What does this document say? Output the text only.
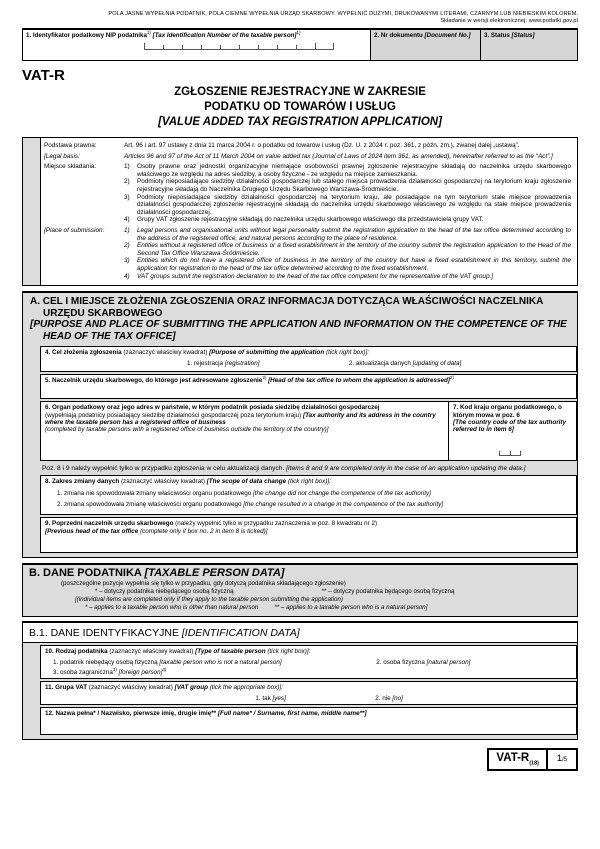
POLA JASNE WYPEŁNIA PODATNIK, POLA CIEMNE WYPEŁNIA URZĄD SKARBOWY. WYPEŁNIĆ DUŻYMI, DRUKOWANYMI LITERAMI, CZARNYM LUB NIEBIESKIM KOLOREM.
Składanie w wersji elektronicznej: www.podatki.gov.pl
1. Identyfikator podatkowy NIP podatnika$^{1)}$ [Tax Identification Number of the taxable person]$^{1)}$	2. Nr dokumentu [Document No.]	3. Status [Status]
VAT-R
ZGŁOSZENIE REJESTRACYJNE W ZAKRESIE
PODATKU OD TOWARÓW I USŁUG
[VALUE ADDED TAX REGISTRATION APPLICATION]
Podstawa prawna:	Art. 96 i art. 97 ustawy z dnia 11 marca 2004 r. o podatku od towarów i usług (Dz. U. z 2024 r. poz. 361, z późn. zm.), zwanej dalej „ustawą”.
[Legal basis:	Articles 96 and 97 of the Act of 11 March 2004 on value added tax (Journal of Laws of 2024 item 361, as amended), hereinafter referred to as the “Act”.]
Miejsce składania:	1)	Osoby prawne oraz jednostki organizacyjne niemające osobowości prawnej zgłoszenie rejestracyjne składają do naczelnika urzędu skarbowego właściwego ze względu na adres siedziby, a osoby fizyczne - ze względu na miejsce zamieszkania.
2)	Podmioty nieposiadające siedziby działalności gospodarczej lub stałego miejsca prowadzenia działalności gospodarczej na terytorium kraju zgłoszenie rejestracyjne składają do Naczelnika Drugiego Urzędu Skarbowego Warszawa-Śródmieście.
3)	Podmioty nieposiadające siedziby działalności gospodarczej na terytorium kraju, ale posiadające na tym terytorium stałe miejsce prowadzenia działalności gospodarczej zgłoszenie rejestracyjne składają do naczelnika urzędu skarbowego właściwego ze względu na stałe miejsce prowadzenia działalności gospodarczej.
4)	Grupy VAT zgłoszenie rejestracyjne składają do naczelnika urzędu skarbowego właściwego dla przedstawiciela grupy VAT.
[Place of submission:	1)	Legal persons and organisational units without legal personality submit the registration application to the head of the tax office determined according to the address of the registered office, and natural persons according to the place of residence.
2)	Entities without a registered office of business or a fixed establishment in the territory of the country submit the registration application to the Head of the Second Tax Office Warszawa-Śródmieście.
3)	Entities which do not have a registered office of business in the territory of the country but have a fixed establishment in this territory, submit the application for registration to the head of the tax office determined according to the fixed establishment.
4)	VAT groups submit the registration declaration to the head of the tax office competent for the representative of the VAT group.]
A. CEL I MIEJSCE ZŁOŻENIA ZGŁOSZENIA ORAZ INFORMACJA DOTYCZĄCA WŁAŚCIWOŚCI NACZELNIKA URZĘDU SKARBOWEGO
[PURPOSE AND PLACE OF SUBMITTING THE APPLICATION AND INFORMATION ON THE COMPETENCE OF THE HEAD OF THE TAX OFFICE]
4. Cel złożenia zgłoszenia (zaznaczyć właściwy kwadrat) [Purpose of submitting the application (tick right box)]:
1. rejestracja [registration]	2. aktualizacja danych [updating of data]
5. Naczelnik urzędu skarbowego, do którego jest adresowane zgłoszenie$^{2)}$ [Head of the tax office to whom the application is addressed]$^{2)}$
6. Organ podatkowy oraz jego adres w państwie, w którym podatnik posiada siedzibę działalności gospodarczej
(wypełniają podatnicy posiadający siedzibę działalności gospodarczej poza terytorium kraju) [Tax authority and its address in the country where the taxable person has a registered office of business
(completed by taxable persons with a registered office of business outside the territory of the country)]
7. Kod kraju organu podatkowego, o którym mowa w poz. 6
[The country code of the tax authority referred to in item 6]
Poz. 8 i 9 należy wypełnić tylko w przypadku zgłoszenia w celu aktualizacji danych. [Items 8 and 9 are completed only in the case of an application updating the data.]
8. Zakres zmiany danych (zaznaczyć właściwy kwadrat) [The scope of data change (tick right box)]:
1. zmiana nie spowodowała zmiany właściwości organu podatkowego [the change did not change the competence of the tax authority]
2. zmiana spowodowała zmianę właściwości organu podatkowego [the change resulted in a change in the competence of the tax authority]
9. Poprzedni naczelnik urzędu skarbowego (należy wypełnić tylko w przypadku zaznaczenia w poz. 8 kwadratu nr 2)
[Previous head of the tax office (complete only if box no. 2 in item 8 is ticked)]
B. DANE PODATNIKA [TAXABLE PERSON DATA]
(poszczególne pozycje wypełnia się tylko w przypadku, gdy dotyczą podatnika składającego zgłoszenie)
* – dotyczy podatnika niebędącego osobą fizyczną	** – dotyczy podatnika będącego osobą fizyczną
[(individual items are completed only if they apply to the taxable person submitting the application)
* – applies to a taxable person who is other than natural person	** – applies to a taxable person who is a natural person]
B.1. DANE IDENTYFIKACYJNE [IDENTIFICATION DATA]
10. Rodzaj podatnika (zaznaczyć właściwy kwadrat) [Type of taxable person (tick right box)]:
1. podatnik niebędący osobą fizyczną [taxable person who is not a natural person]	2. osoba fizyczna [natural person]
3. osoba zagraniczna$^{3)}$ [foreign person]$^{3)}$
11. Grupa VAT (zaznaczyć właściwy kwadrat) [VAT group (tick the appropriate box)]:
1. tak [yes]	2. nie [no]
12. Nazwa pełna* / Nazwisko, pierwsze imię, drugie imię** [Full name* / Surname, first name, middle name**]
VAT-$R_{(18)}$	1/5
